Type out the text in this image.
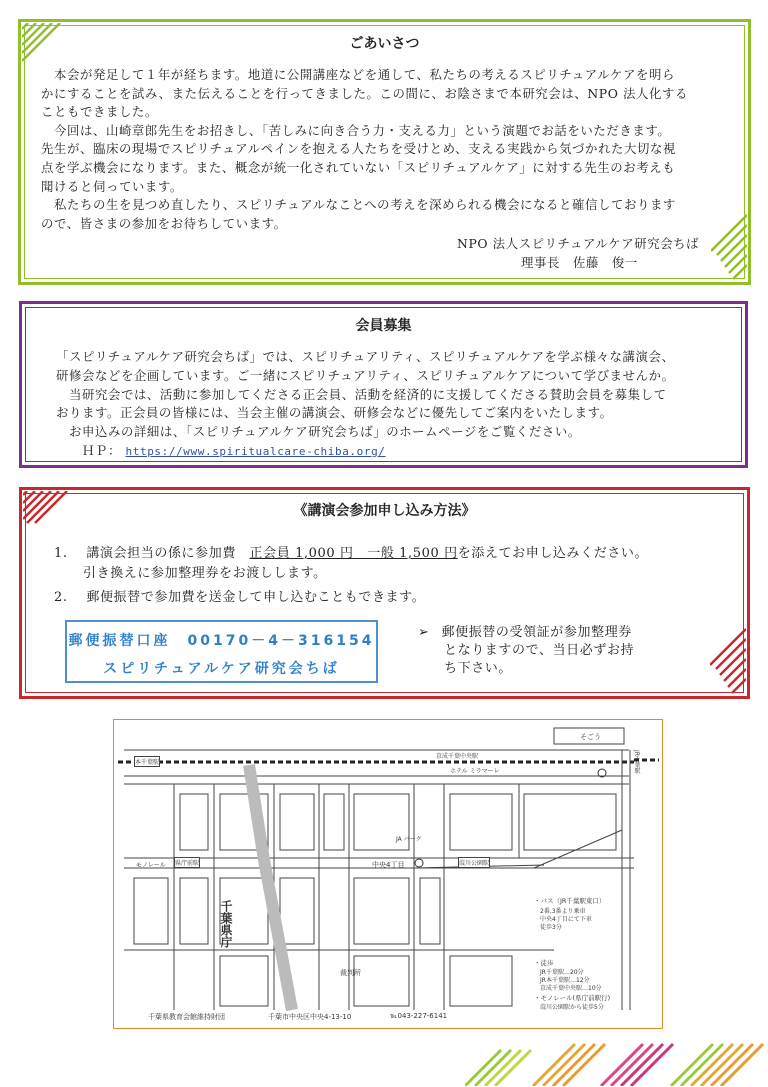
ごあいさつ
　本会が発足して１年が経ちます。地道に公開講座などを通して、私たちの考えるスピリチュアルケアを明ら
かにすることを試み、また伝えることを行ってきました。この間に、お陰さまで本研究会は、NPO 法人化する
こともできました。
　今回は、山崎章郎先生をお招きし、「苦しみに向き合う力・支える力」という演題でお話をいただきます。
先生が、臨床の現場でスピリチュアルペインを抱える人たちを受けとめ、支える実践から気づかれた大切な視
点を学ぶ機会になります。また、概念が統一化されていない「スピリチュアルケア」に対する先生のお考えも
聞けると伺っています。
　私たちの生を見つめ直したり、スピリチュアルなことへの考えを深められる機会になると確信しております
ので、皆さまの参加をお待ちしています。
NPO 法人スピリチュアルケア研究会ちば
理事長　佐藤　俊一
会員募集
「スピリチュアルケア研究会ちば」では、スピリチュアリティ、スピリチュアルケアを学ぶ様々な講演会、
研修会などを企画しています。ご一緒にスピリチュアリティ、スピリチュアルケアについて学びませんか。
　当研究会では、活動に参加してくださる正会員、活動を経済的に支援してくださる賛助会員を募集して
おります。正会員の皆様には、当会主催の講演会、研修会などに優先してご案内をいたします。
　お申込みの詳細は、「スピリチュアルケア研究会ちば」のホームページをご覧ください。
ＨＰ： https://www.spiritualcare-chiba.org/
《講演会参加申し込み方法》
1. 講演会担当の係に参加費　正会員 1,000 円　一般 1,500 円を添えてお申し込みください。
引き換えに参加整理券をお渡しします。
2. 郵便振替で参加費を送金して申し込むこともできます。
➢ 郵便振替の受領証が参加整理券
となりますので、当日必ずお持
ち下さい。
郵便振替口座　00170－4－316154
スピリチュアルケア研究会ちば
そごう
京成千葉中央駅	JR千葉駅
本千葉駅
ホテル ミラマーレ
JA パーク
モノレール 県庁前駅	中央4丁目	葭川公園駅
千葉県庁
裁判所
・バス（JR千葉駅東口）
2番,3番より乗車
中央4丁目にて下車
徒歩3分
・徒歩
JR千葉駅…20分
JR本千葉駅…12分
京成千葉中央駅…10分
・モノレール(県庁前駅行)
葭川公園駅から徒歩5分
千葉県教育会館維持財団	千葉市中央区中央4-13-10	℡043-227-6141
